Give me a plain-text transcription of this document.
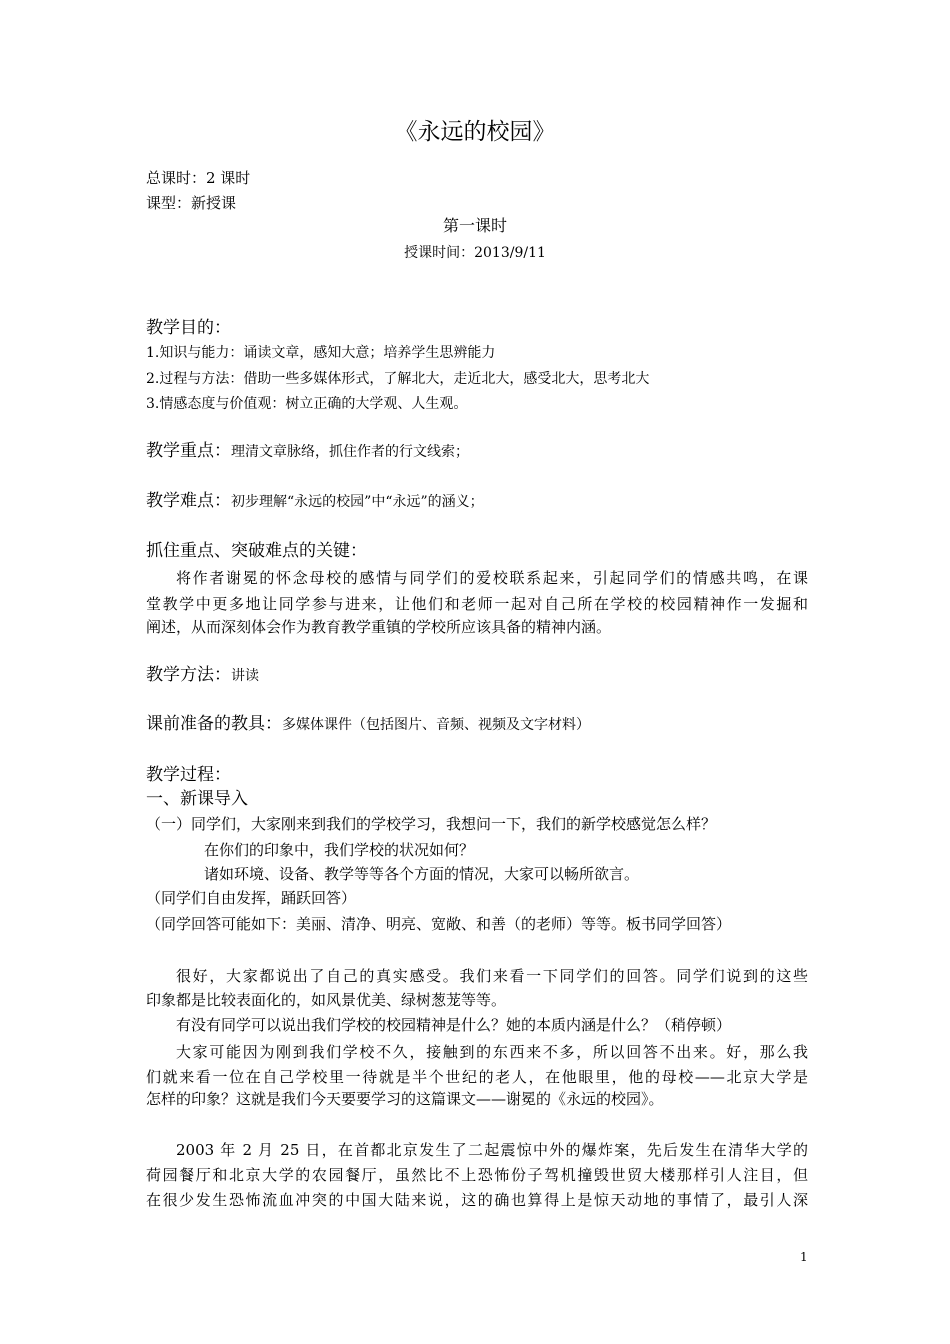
《永远的校园》
总课时：2 课时
课型：新授课
第一课时
授课时间：2013/9/11
教学目的：
1.知识与能力：诵读文章，感知大意；培养学生思辨能力
2.过程与方法：借助一些多媒体形式，了解北大，走近北大，感受北大，思考北大
3.情感态度与价值观：树立正确的大学观、人生观。
教学重点：理清文章脉络，抓住作者的行文线索；
教学难点：初步理解“永远的校园”中“永远”的涵义；
抓住重点、突破难点的关键：
将作者谢冕的怀念母校的感情与同学们的爱校联系起来，引起同学们的情感共鸣，在课
堂教学中更多地让同学参与进来，让他们和老师一起对自己所在学校的校园精神作一发掘和
阐述，从而深刻体会作为教育教学重镇的学校所应该具备的精神内涵。
教学方法：讲读
课前准备的教具：多媒体课件（包括图片、音频、视频及文字材料）
教学过程：
一、新课导入
（一）同学们，大家刚来到我们的学校学习，我想问一下，我们的新学校感觉怎么样？
在你们的印象中，我们学校的状况如何？
诸如环境、设备、教学等等各个方面的情况，大家可以畅所欲言。
（同学们自由发挥，踊跃回答）
（同学回答可能如下：美丽、清净、明亮、宽敞、和善（的老师）等等。板书同学回答）
很好，大家都说出了自己的真实感受。我们来看一下同学们的回答。同学们说到的这些
印象都是比较表面化的，如风景优美、绿树葱茏等等。
有没有同学可以说出我们学校的校园精神是什么？她的本质内涵是什么？（稍停顿）
大家可能因为刚到我们学校不久，接触到的东西来不多，所以回答不出来。好，那么我
们就来看一位在自己学校里一待就是半个世纪的老人，在他眼里，他的母校——北京大学是
怎样的印象？这就是我们今天要要学习的这篇课文——谢冕的《永远的校园》。
2003 年 2 月 25 日，在首都北京发生了二起震惊中外的爆炸案，先后发生在清华大学的
荷园餐厅和北京大学的农园餐厅，虽然比不上恐怖份子驾机撞毁世贸大楼那样引人注目，但
在很少发生恐怖流血冲突的中国大陆来说，这的确也算得上是惊天动地的事情了，最引人深
1
